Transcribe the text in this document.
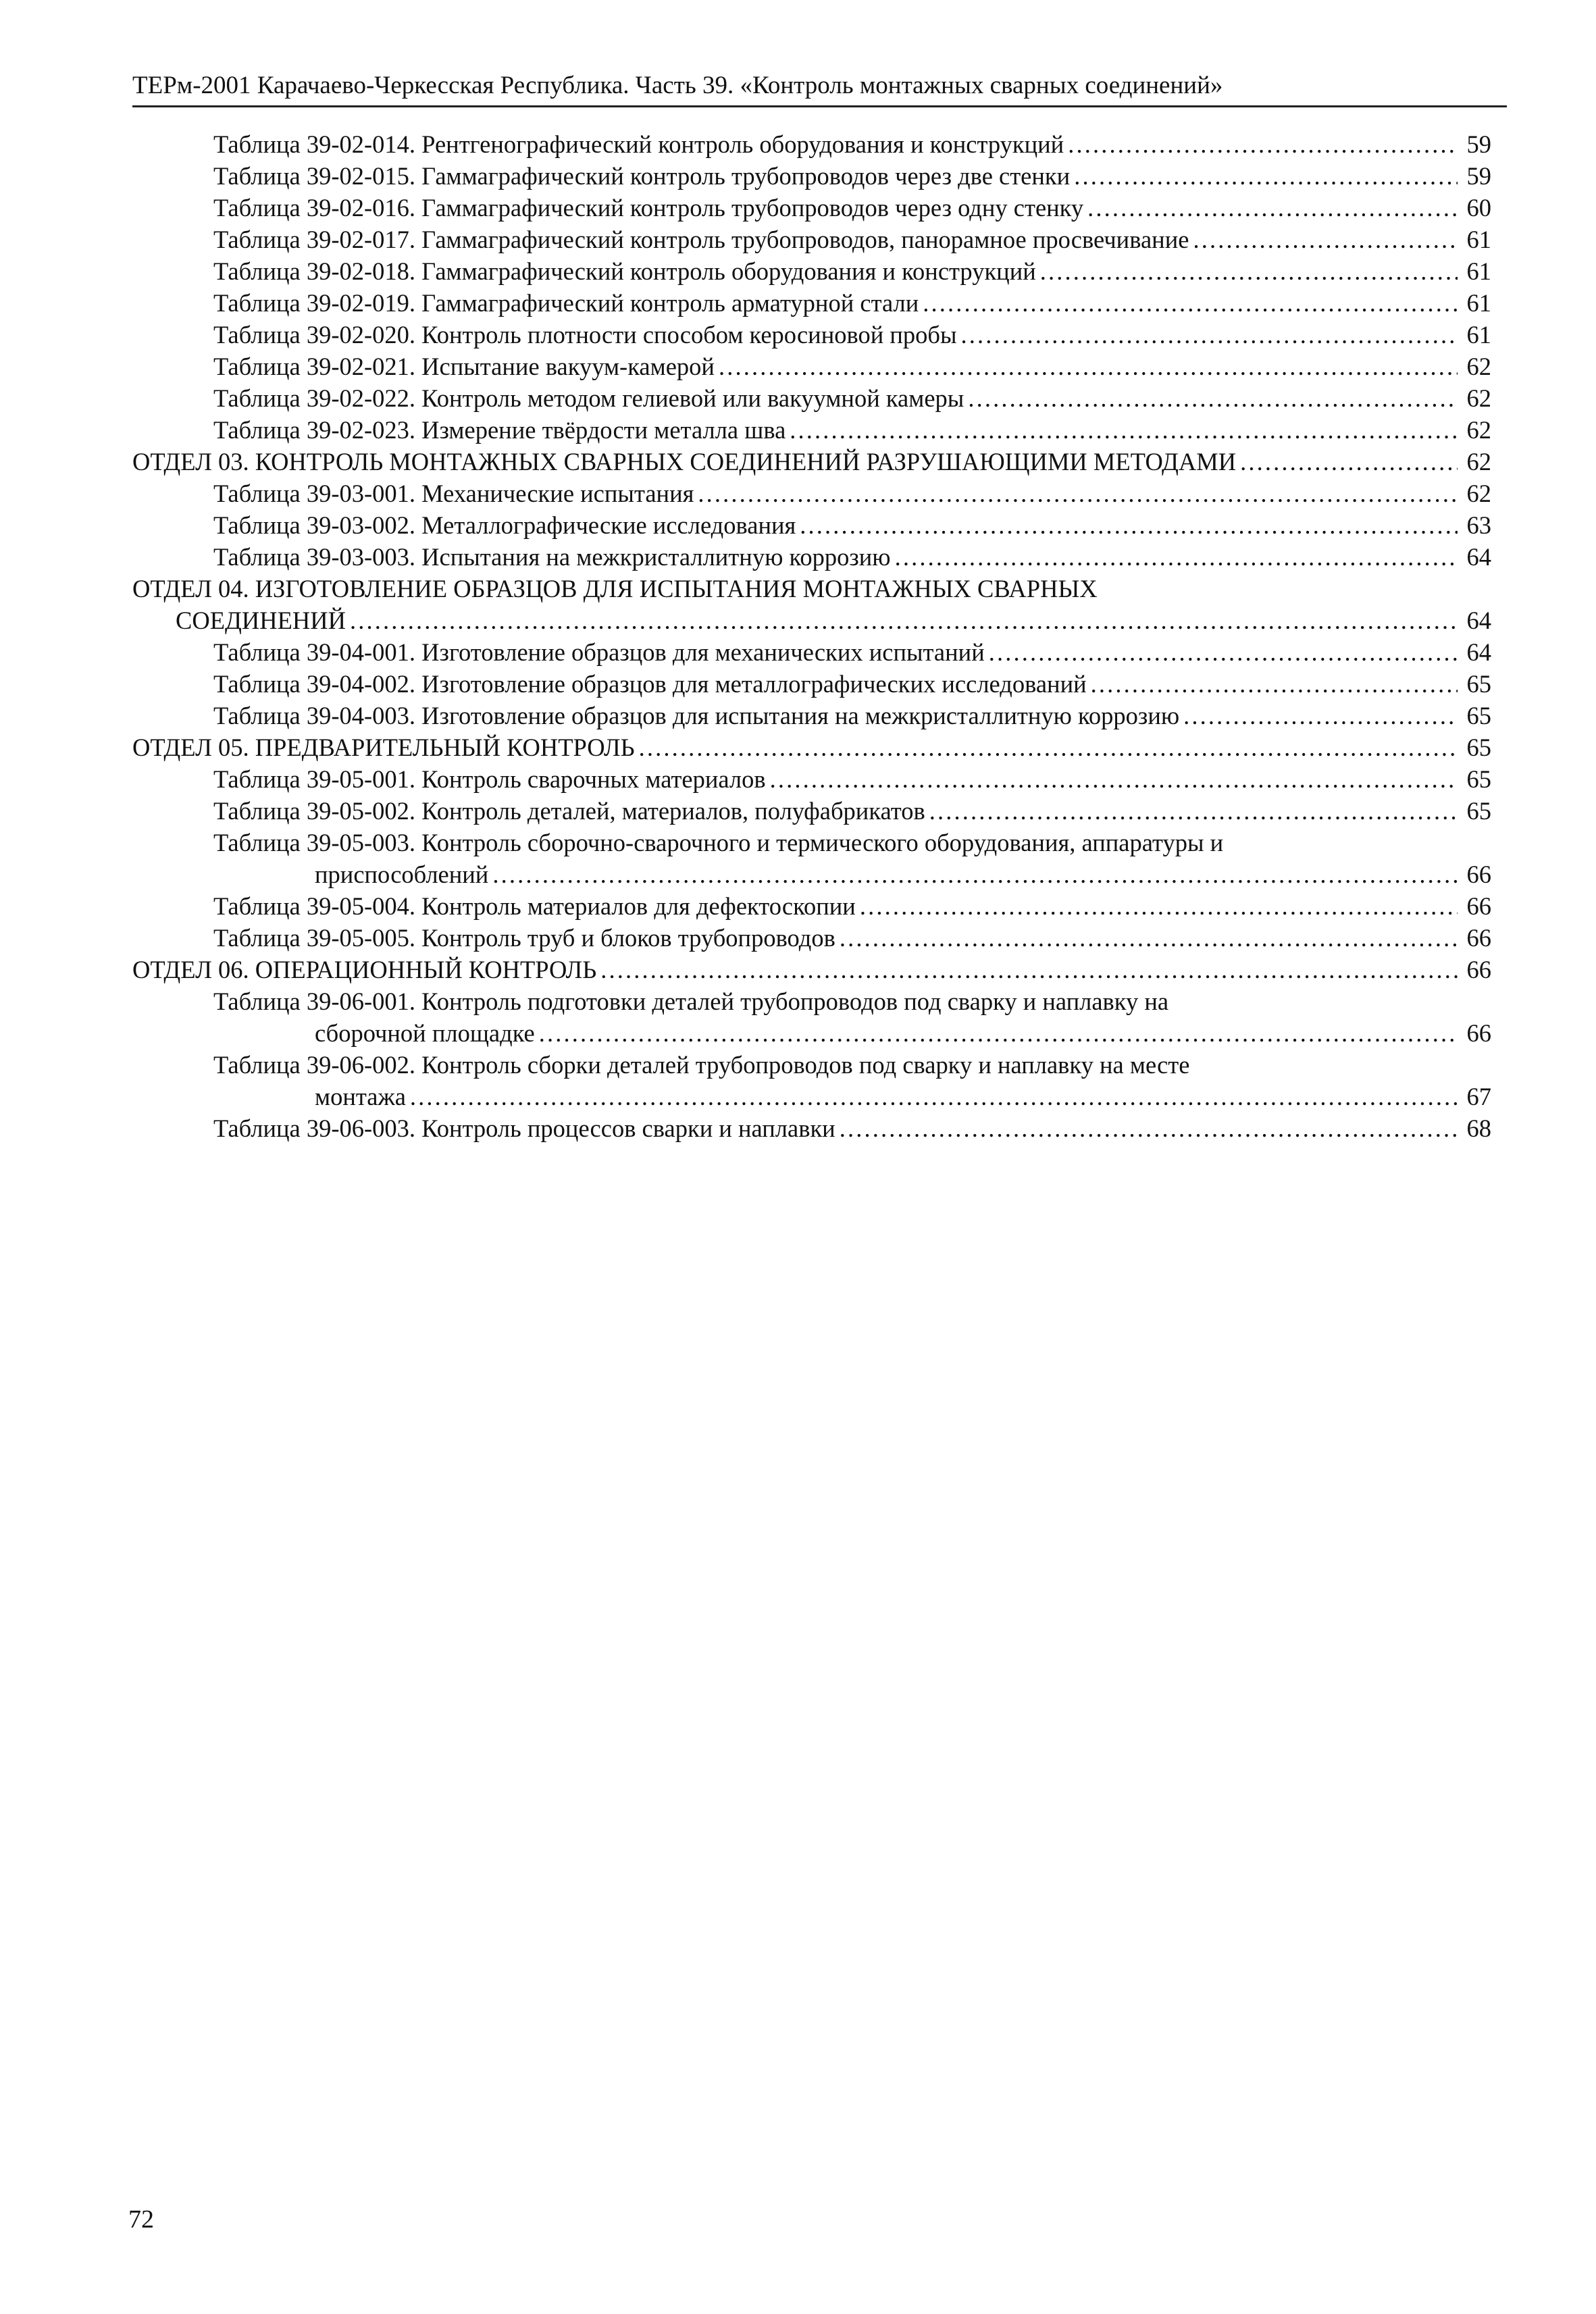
ТЕРм-2001 Карачаево-Черкесская Республика. Часть 39. «Контроль монтажных сварных соединений»
Таблица 39-02-014. Рентгенографический контроль оборудования и конструкций . . .	59
Таблица 39-02-015. Гаммаграфический контроль трубопроводов через две стенки . . .	59
Таблица 39-02-016. Гаммаграфический контроль трубопроводов через одну стенку . . .	60
Таблица 39-02-017. Гаммаграфический контроль трубопроводов, панорамное просвечивание . . .	61
Таблица 39-02-018. Гаммаграфический контроль оборудования и конструкций . . .	61
Таблица 39-02-019. Гаммаграфический контроль арматурной стали . . .	61
Таблица 39-02-020. Контроль плотности способом керосиновой пробы . . .	61
Таблица 39-02-021. Испытание вакуум-камерой . . .	62
Таблица 39-02-022. Контроль методом гелиевой или вакуумной камеры . . .	62
Таблица 39-02-023. Измерение твёрдости металла шва . . .	62
ОТДЕЛ 03. КОНТРОЛЬ МОНТАЖНЫХ СВАРНЫХ СОЕДИНЕНИЙ РАЗРУШАЮЩИМИ МЕТОДАМИ . . .	62
Таблица 39-03-001. Механические испытания . . .	62
Таблица 39-03-002. Металлографические исследования . . .	63
Таблица 39-03-003. Испытания на межкристаллитную коррозию . . .	64
ОТДЕЛ 04. ИЗГОТОВЛЕНИЕ ОБРАЗЦОВ ДЛЯ ИСПЫТАНИЯ МОНТАЖНЫХ СВАРНЫХ
СОЕДИНЕНИЙ . . .	64
Таблица 39-04-001. Изготовление образцов для механических испытаний . . .	64
Таблица 39-04-002. Изготовление образцов для металлографических исследований . . .	65
Таблица 39-04-003. Изготовление образцов для испытания на межкристаллитную коррозию . . .	65
ОТДЕЛ 05. ПРЕДВАРИТЕЛЬНЫЙ КОНТРОЛЬ . . .	65
Таблица 39-05-001. Контроль сварочных материалов . . .	65
Таблица 39-05-002. Контроль деталей, материалов, полуфабрикатов . . .	65
Таблица 39-05-003. Контроль сборочно-сварочного и термического оборудования, аппаратуры и
приспособлений . . .	66
Таблица 39-05-004. Контроль материалов для дефектоскопии . . .	66
Таблица 39-05-005. Контроль труб и блоков трубопроводов . . .	66
ОТДЕЛ 06. ОПЕРАЦИОННЫЙ КОНТРОЛЬ . . .	66
Таблица 39-06-001. Контроль подготовки деталей трубопроводов под сварку и наплавку на
сборочной площадке . . .	66
Таблица 39-06-002. Контроль сборки деталей трубопроводов под сварку и наплавку на месте
монтажа . . .	67
Таблица 39-06-003. Контроль процессов сварки и наплавки . . .	68
72
